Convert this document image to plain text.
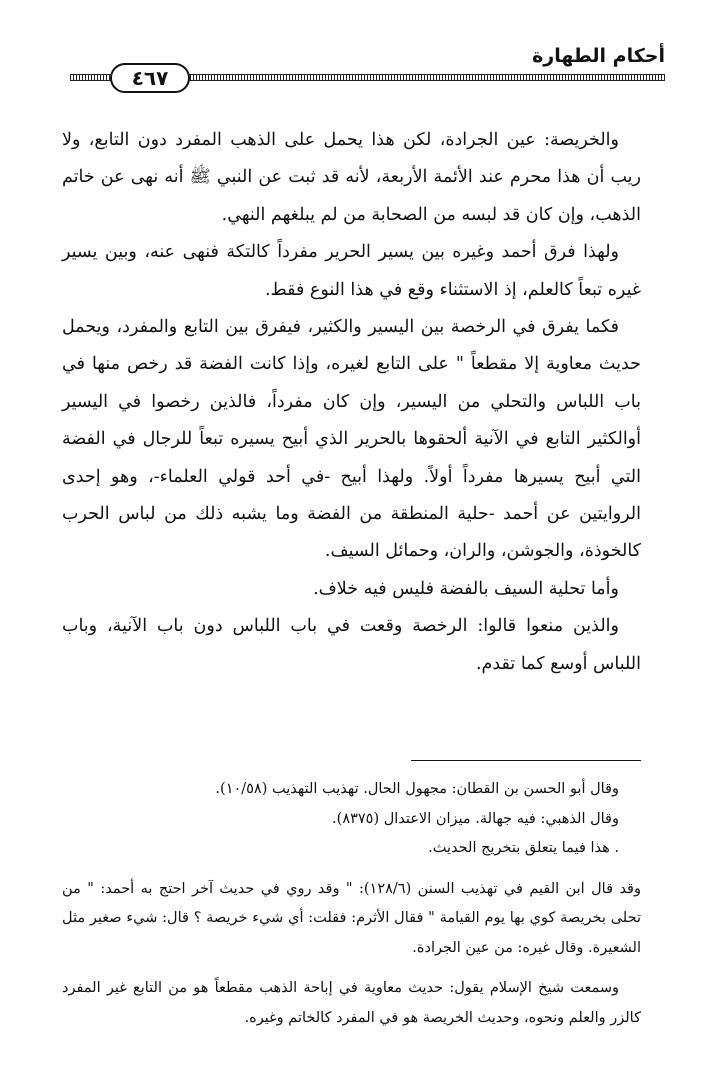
أحكام الطهارة
٤٦٧

والخريصة: عين الجرادة، لكن هذا يحمل على الذهب المفرد دون التابع، ولا ريب أن هذا محرم عند الأئمة الأربعة، لأنه قد ثبت عن النبي ﷺ أنه نهى عن خاتم الذهب، وإن كان قد لبسه من الصحابة من لم يبلغهم النهي.

ولهذا فرق أحمد وغيره بين يسير الحرير مفرداً كالتكة فنهى عنه، وبين يسير غيره تبعاً كالعلم، إذ الاستثناء وقع في هذا النوع فقط.

فكما يفرق في الرخصة بين اليسير والكثير، فيفرق بين التابع والمفرد، ويحمل حديث معاوية إلا مقطعاً " على التابع لغيره، وإذا كانت الفضة قد رخص منها في باب اللباس والتحلي من اليسير، وإن كان مفرداً، فالذين رخصوا في اليسير أوالكثير التابع في الآنية ألحقوها بالحرير الذي أبيح يسيره تبعاً للرجال في الفضة التي أبيح يسيرها مفرداً أولاً. ولهذا أبيح -في أحد قولي العلماء-، وهو إحدى الروايتين عن أحمد -حلية المنطقة من الفضة وما يشبه ذلك من لباس الحرب كالخوذة، والجوشن، والران، وحمائل السيف.

وأما تحلية السيف بالفضة فليس فيه خلاف.

والذين منعوا قالوا: الرخصة وقعت في باب اللباس دون باب الآنية، وباب اللباس أوسع كما تقدم.

وقال أبو الحسن بن القطان: مجهول الحال. تهذيب التهذيب (١٠/٥٨).

وقال الذهبي: فيه جهالة. ميزان الاعتدال (٨٣٧٥).

. هذا فيما يتعلق بتخريج الحديث.

وقد قال ابن القيم في تهذيب السنن (١٢٨/٦): " وقد روي في حديث آخر احتج به أحمد: " من تحلى بخريصة كوي بها يوم القيامة " فقال الأثرم: فقلت: أي شيء خريصة ؟ قال: شيء صغير مثل الشعيرة. وقال غيره: من عين الجرادة.

وسمعت شيخ الإسلام يقول: حديث معاوية في إباحة الذهب مقطعاً هو من التابع غير المفرد كالزر والعلم ونحوه، وحديث الخريصة هو في المفرد كالخاتم وغيره.
